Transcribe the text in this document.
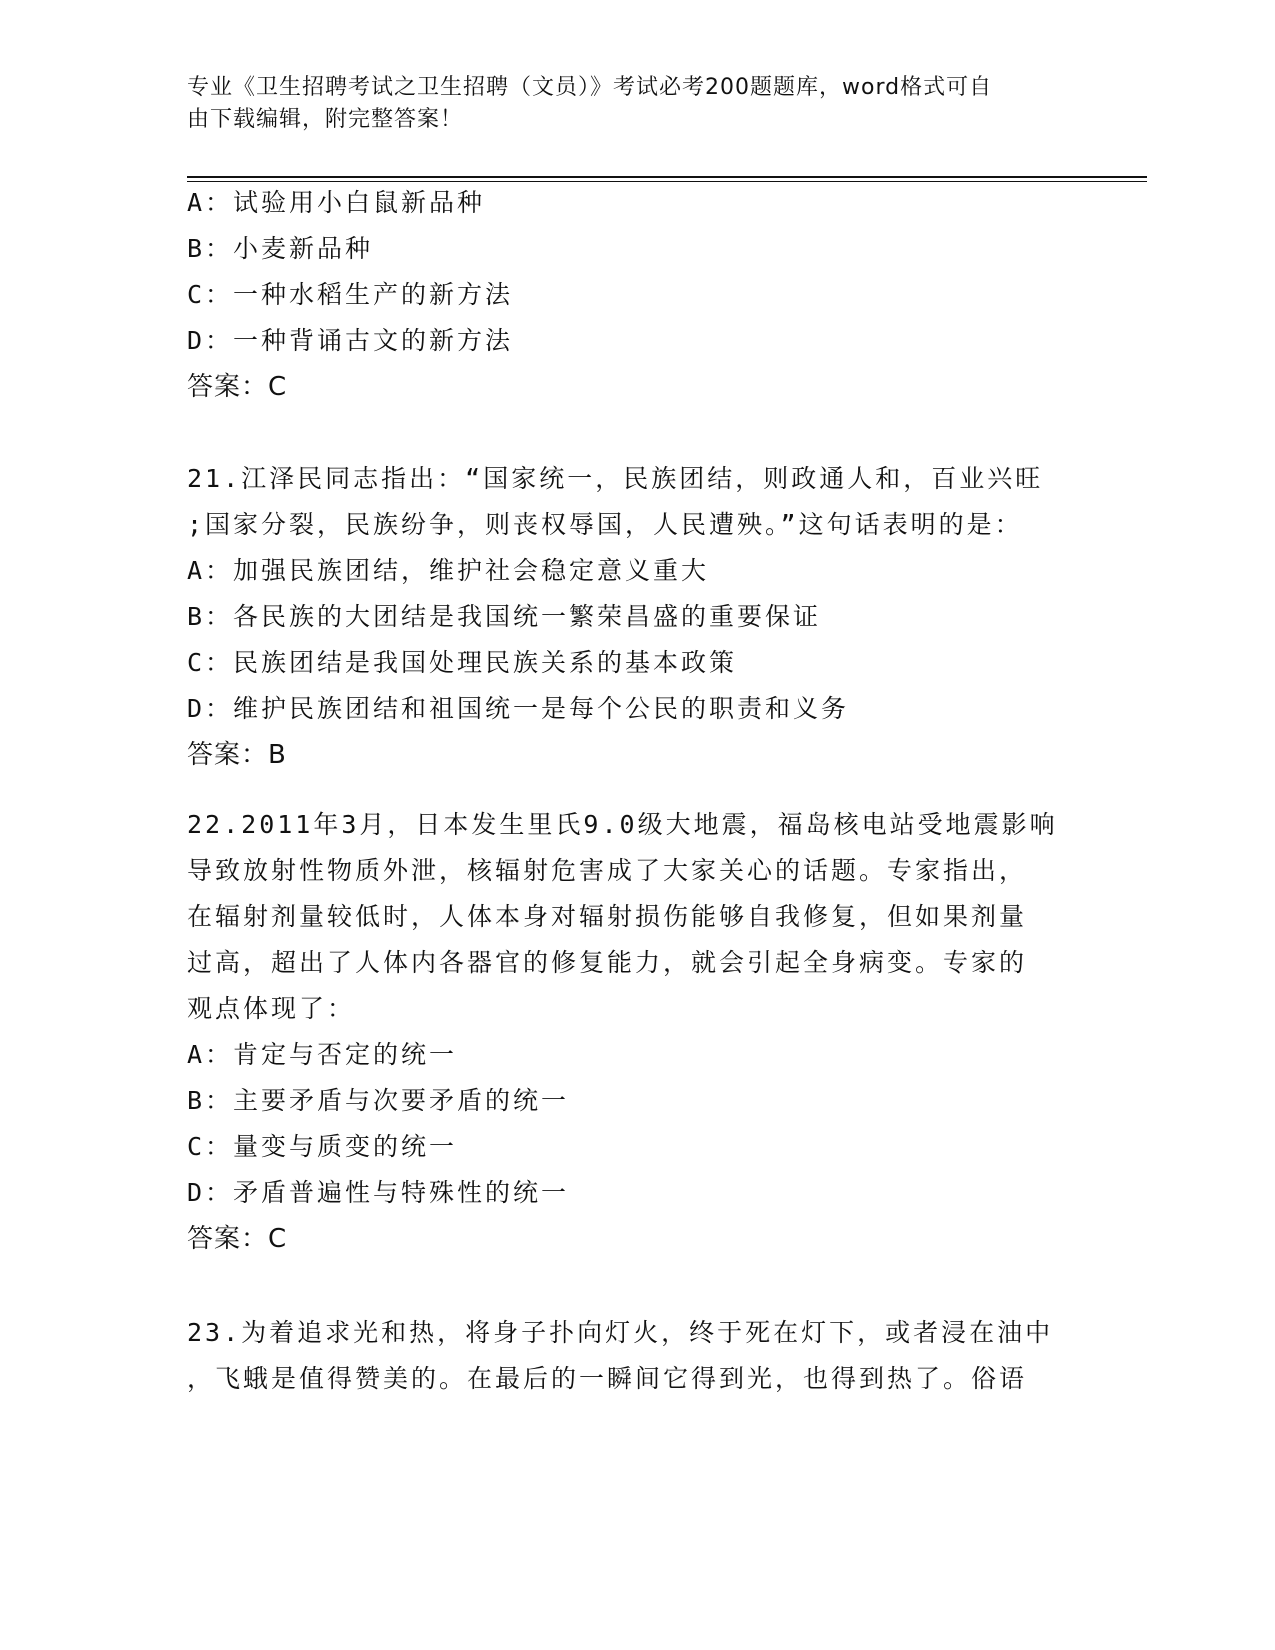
专业《卫生招聘考试之卫生招聘（文员）》考试必考200题题库，word格式可自
由下载编辑，附完整答案！
A：试验用小白鼠新品种
B：小麦新品种
C：一种水稻生产的新方法
D：一种背诵古文的新方法
答案：C
21.江泽民同志指出：“国家统一，民族团结，则政通人和，百业兴旺
;国家分裂，民族纷争，则丧权辱国，人民遭殃。”这句话表明的是：
A：加强民族团结，维护社会稳定意义重大
B：各民族的大团结是我国统一繁荣昌盛的重要保证
C：民族团结是我国处理民族关系的基本政策
D：维护民族团结和祖国统一是每个公民的职责和义务
答案：B
22.2011年3月，日本发生里氏9.0级大地震，福岛核电站受地震影响
导致放射性物质外泄，核辐射危害成了大家关心的话题。专家指出，
在辐射剂量较低时，人体本身对辐射损伤能够自我修复，但如果剂量
过高，超出了人体内各器官的修复能力，就会引起全身病变。专家的
观点体现了：
A：肯定与否定的统一
B：主要矛盾与次要矛盾的统一
C：量变与质变的统一
D：矛盾普遍性与特殊性的统一
答案：C
23.为着追求光和热，将身子扑向灯火，终于死在灯下，或者浸在油中
，飞蛾是值得赞美的。在最后的一瞬间它得到光，也得到热了。俗语
